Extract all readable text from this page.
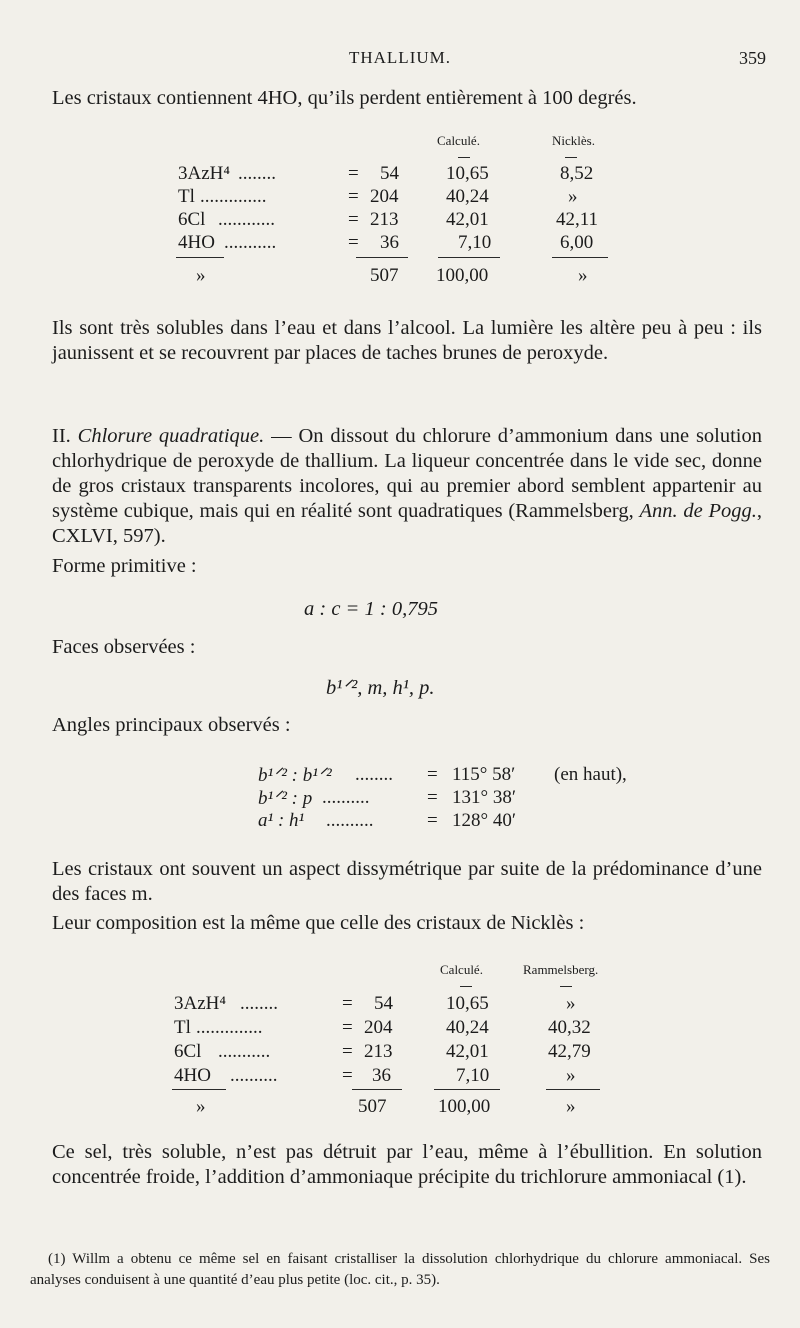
THALLIUM.	359
Les cristaux contiennent 4HO, qu’ils perdent entièrement à 100 degrés.
Calculé.	Nicklès.
3AzH⁴ ........	= 54 10,65	8,52
Tl ..............	= 204	40,24	»
6Cl ............	= 213	42,01	42,11
4HO ...........	= 36	7,10	6,00
»	507 100,00	»
Ils sont très solubles dans l’eau et dans l’alcool. La lumière les altère peu à peu : ils jaunissent et se recouvrent par places de taches brunes de peroxyde.
II. Chlorure quadratique. — On dissout du chlorure d’ammonium dans une solution chlorhydrique de peroxyde de thallium. La liqueur concentrée dans le vide sec, donne de gros cristaux transparents incolores, qui au premier abord semblent appartenir au système cubique, mais qui en réalité sont quadratiques (Rammelsberg, Ann. de Pogg., CXLVI, 597).
Forme primitive :
a : c = 1 : 0,795
Faces observées :
b¹ᐟ², m, h¹, p.
Angles principaux observés :
b¹ᐟ² : b¹ᐟ² ........ = 115° 58′ (en haut),
b¹ᐟ² : p ..........	= 131° 38′
a¹ : h¹ ..........	= 128° 40′
Les cristaux ont souvent un aspect dissymétrique par suite de la prédominance d’une des faces m.
Leur composition est la même que celle des cristaux de Nicklès :
Calculé.	Rammelsberg.
3AzH⁴ ........	= 54	10,65	»
Tl ..............	= 204	40,24	40,32
6Cl ...........	= 213	42,01	42,79
4HO ..........	= 36	7,10	»
»	507	100,00	»
Ce sel, très soluble, n’est pas détruit par l’eau, même à l’ébullition. En solution concentrée froide, l’addition d’ammoniaque précipite du trichlorure ammoniacal (1).
(1) Willm a obtenu ce même sel en faisant cristalliser la dissolution chlorhydrique du chlorure ammoniacal. Ses analyses conduisent à une quantité d’eau plus petite (loc. cit., p. 35).
